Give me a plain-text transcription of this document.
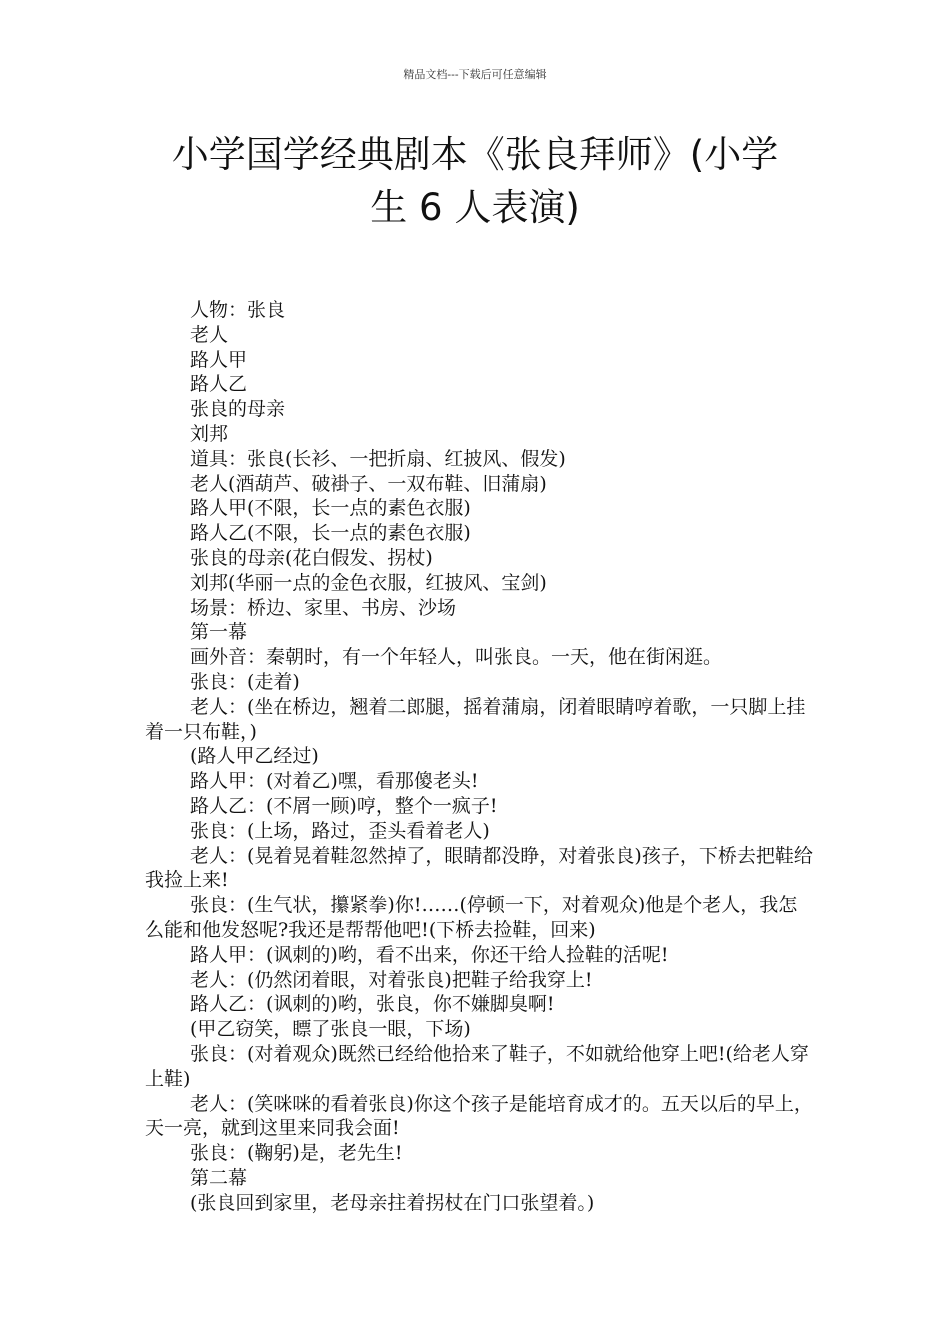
精品文档---下载后可任意编辑
小学国学经典剧本《张良拜师》(小学
生 6 人表演)

人物：张良

老人

路人甲

路人乙

张良的母亲

刘邦

道具：张良(长衫、一把折扇、红披风、假发)

老人(酒葫芦、破褂子、一双布鞋、旧蒲扇)

路人甲(不限，长一点的素色衣服)

路人乙(不限，长一点的素色衣服)

张良的母亲(花白假发、拐杖)

刘邦(华丽一点的金色衣服，红披风、宝剑)

场景：桥边、家里、书房、沙场

第一幕

画外音：秦朝时，有一个年轻人，叫张良。一天，他在街闲逛。

张良：(走着)

老人：(坐在桥边，翘着二郎腿，摇着蒲扇，闭着眼睛哼着歌，一只脚上挂着一只布鞋，)

(路人甲乙经过)

路人甲：(对着乙)嘿，看那傻老头!

路人乙：(不屑一顾)哼，整个一疯子!

张良：(上场，路过，歪头看着老人)

老人：(晃着晃着鞋忽然掉了，眼睛都没睁，对着张良)孩子，下桥去把鞋给我捡上来!

张良：(生气状，攥紧拳)你!……(停顿一下，对着观众)他是个老人，我怎么能和他发怒呢?我还是帮帮他吧!(下桥去捡鞋，回来)

路人甲：(讽刺的)哟，看不出来，你还干给人捡鞋的活呢!

老人：(仍然闭着眼，对着张良)把鞋子给我穿上!

路人乙：(讽刺的)哟，张良，你不嫌脚臭啊!

(甲乙窃笑，瞟了张良一眼，下场)

张良：(对着观众)既然已经给他拾来了鞋子，不如就给他穿上吧!(给老人穿上鞋)

老人：(笑咪咪的看着张良)你这个孩子是能培育成才的。五天以后的早上，天一亮，就到这里来同我会面!

张良：(鞠躬)是，老先生!

第二幕

(张良回到家里，老母亲拄着拐杖在门口张望着。)
